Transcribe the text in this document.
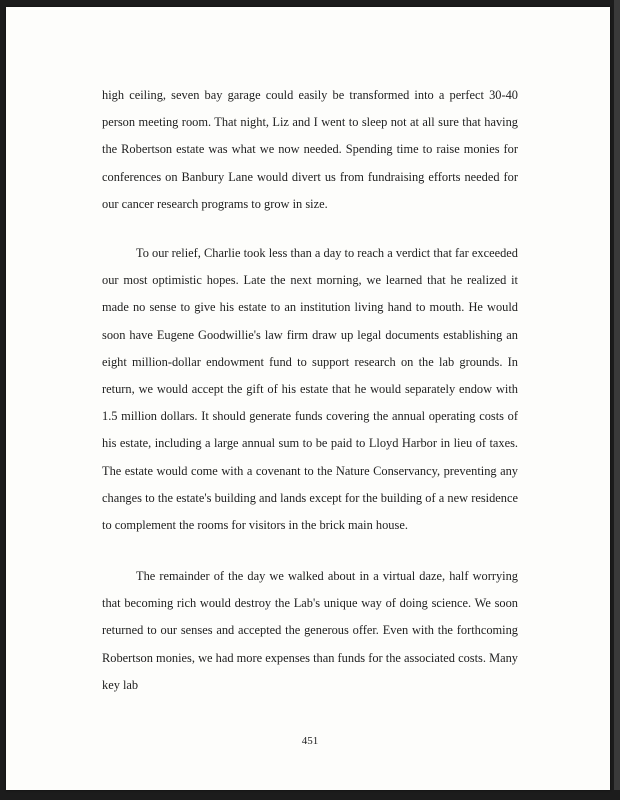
high ceiling, seven bay garage could easily be transformed into a perfect 30-40 person meeting room. That night, Liz and I went to sleep not at all sure that having the Robertson estate was what we now needed. Spending time to raise monies for conferences on Banbury Lane would divert us from fundraising efforts needed for our cancer research programs to grow in size.

To our relief, Charlie took less than a day to reach a verdict that far exceeded our most optimistic hopes. Late the next morning, we learned that he realized it made no sense to give his estate to an institution living hand to mouth. He would soon have Eugene Goodwillie's law firm draw up legal documents establishing an eight million-dollar endowment fund to support research on the lab grounds. In return, we would accept the gift of his estate that he would separately endow with 1.5 million dollars. It should generate funds covering the annual operating costs of his estate, including a large annual sum to be paid to Lloyd Harbor in lieu of taxes. The estate would come with a covenant to the Nature Conservancy, preventing any changes to the estate's building and lands except for the building of a new residence to complement the rooms for visitors in the brick main house.

The remainder of the day we walked about in a virtual daze, half worrying that becoming rich would destroy the Lab's unique way of doing science. We soon returned to our senses and accepted the generous offer. Even with the forthcoming Robertson monies, we had more expenses than funds for the associated costs. Many key lab

451
